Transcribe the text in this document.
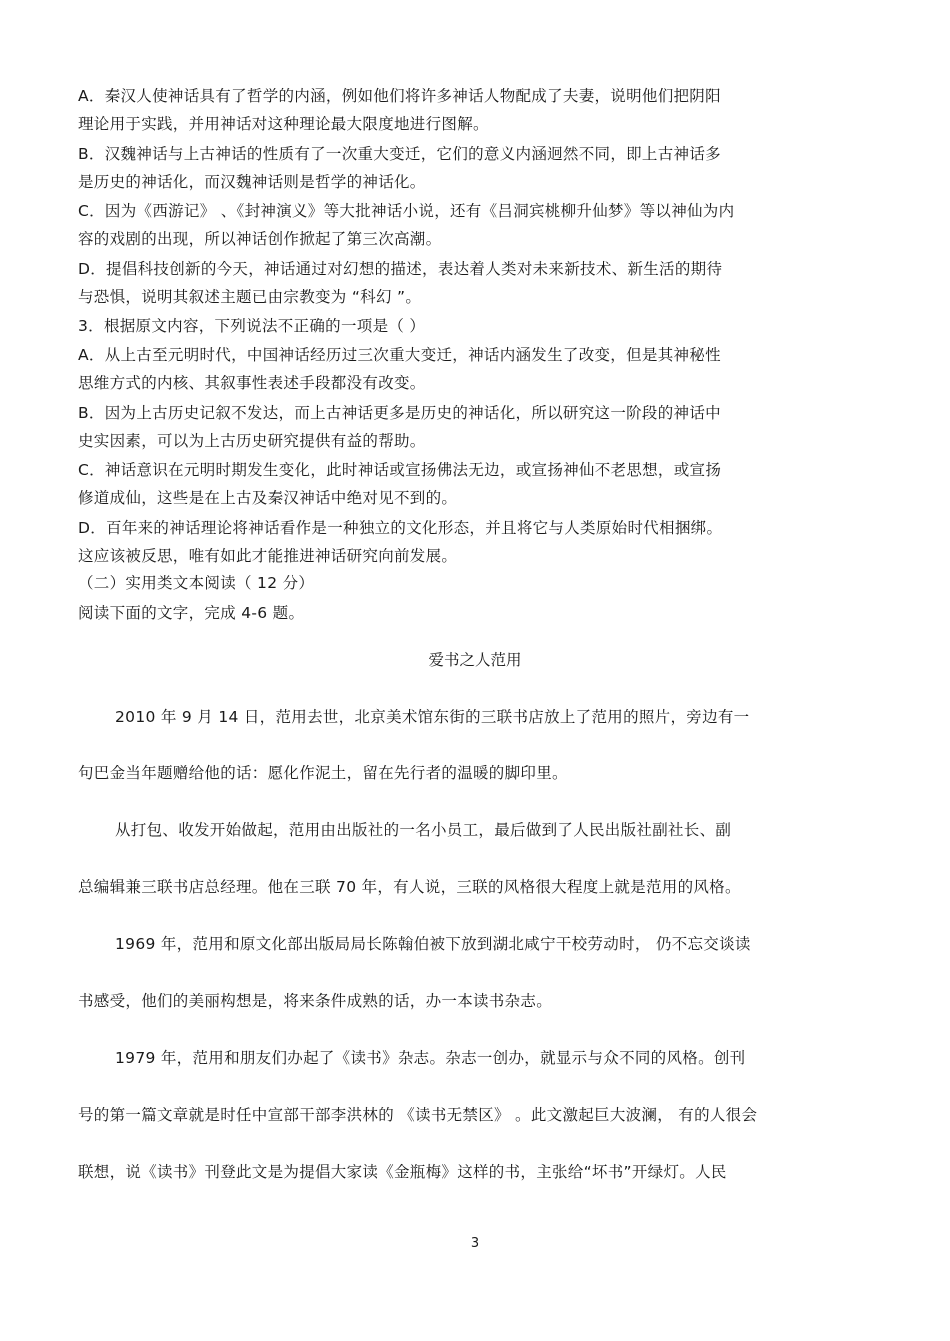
A．秦汉人使神话具有了哲学的内涵，例如他们将许多神话人物配成了夫妻，说明他们把阴阳
理论用于实践，并用神话对这种理论最大限度地进行图解。
B．汉魏神话与上古神话的性质有了一次重大变迁，它们的意义内涵迥然不同，即上古神话多
是历史的神话化，而汉魏神话则是哲学的神话化。
C．因为《西游记》 、《封神演义》等大批神话小说，还有《吕洞宾桃柳升仙梦》等以神仙为内
容的戏剧的出现，所以神话创作掀起了第三次高潮。
D．提倡科技创新的今天，神话通过对幻想的描述，表达着人类对未来新技术、新生活的期待
与恐惧，说明其叙述主题已由宗教变为 “科幻 ”。
3．根据原文内容，下列说法不正确的一项是（ ）
A．从上古至元明时代，中国神话经历过三次重大变迁，神话内涵发生了改变，但是其神秘性
思维方式的内核、其叙事性表述手段都没有改变。
B．因为上古历史记叙不发达，而上古神话更多是历史的神话化，所以研究这一阶段的神话中
史实因素，可以为上古历史研究提供有益的帮助。
C．神话意识在元明时期发生变化，此时神话或宣扬佛法无边，或宣扬神仙不老思想，或宣扬
修道成仙，这些是在上古及秦汉神话中绝对见不到的。
D．百年来的神话理论将神话看作是一种独立的文化形态，并且将它与人类原始时代相捆绑。
这应该被反思，唯有如此才能推进神话研究向前发展。
（二）实用类文本阅读（ 12 分）
阅读下面的文字，完成 4-6 题。
爱书之人范用
2010 年 9 月 14 日，范用去世，北京美术馆东街的三联书店放上了范用的照片，旁边有一
句巴金当年题赠给他的话：愿化作泥土，留在先行者的温暖的脚印里。
从打包、收发开始做起，范用由出版社的一名小员工，最后做到了人民出版社副社长、副
总编辑兼三联书店总经理。他在三联 70 年，有人说，三联的风格很大程度上就是范用的风格。
1969 年，范用和原文化部出版局局长陈翰伯被下放到湖北咸宁干校劳动时， 仍不忘交谈读
书感受，他们的美丽构想是，将来条件成熟的话，办一本读书杂志。
1979 年，范用和朋友们办起了《读书》杂志。杂志一创办，就显示与众不同的风格。创刊
号的第一篇文章就是时任中宣部干部李洪林的 《读书无禁区》 。此文激起巨大波澜， 有的人很会
联想，说《读书》刊登此文是为提倡大家读《金瓶梅》这样的书，主张给“坏书”开绿灯。人民
3
